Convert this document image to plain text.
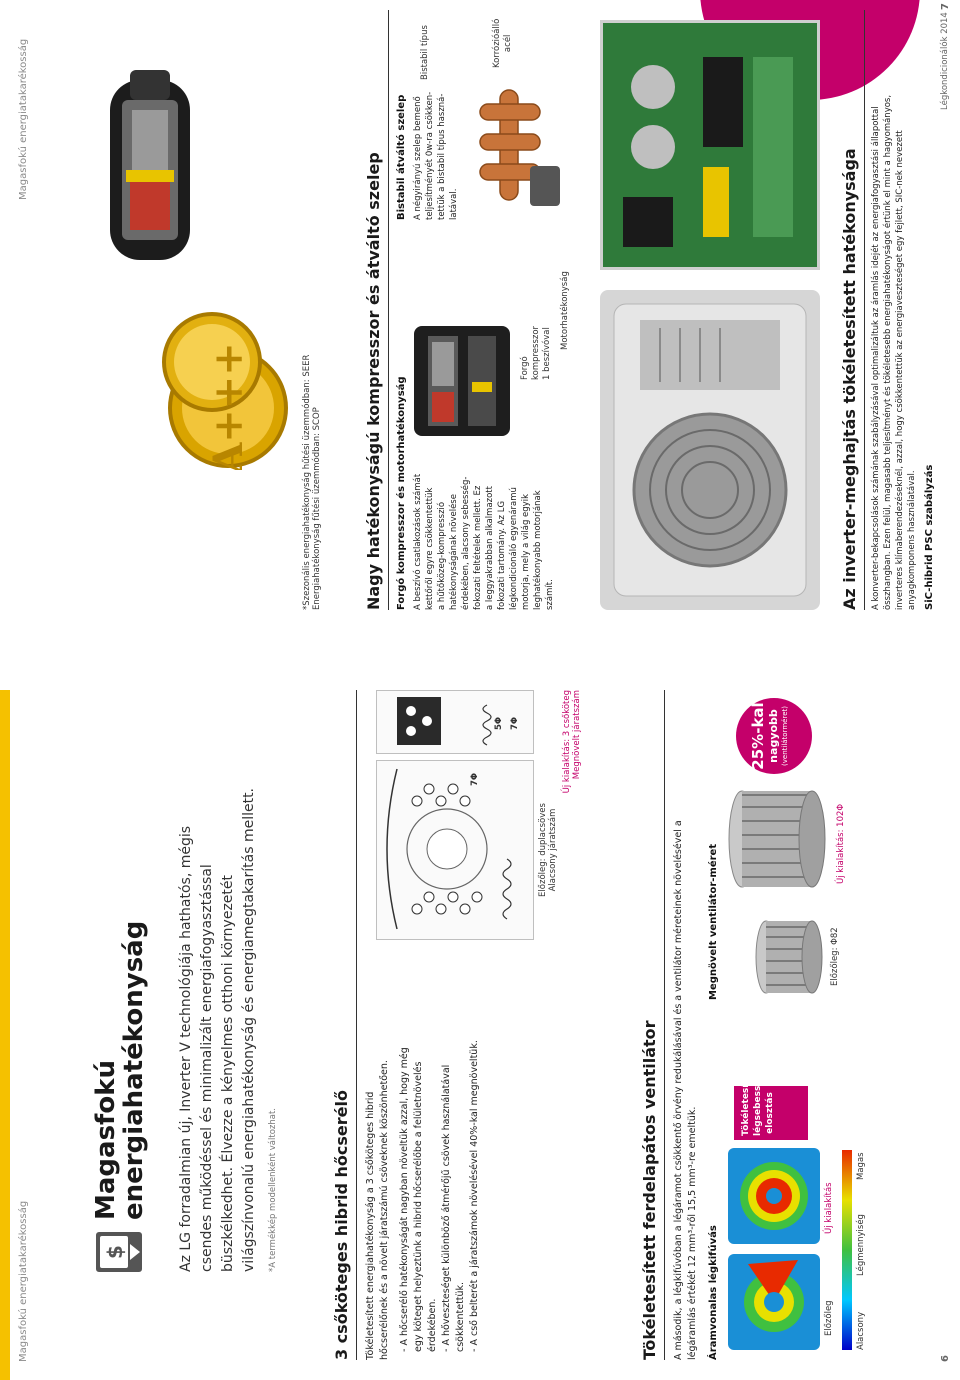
Magasfokú energiatakarékosság	6
$
Magasfokú
energiahatékonyság Az LG forradalmian új, Inverter V technológiája hathatós, mégis csendes működéssel és minimalizált energiafogyasztással büszkélkedhet. Élvezze a kényelmes otthoni környezetét világszínvonalú energiahatékonyság és energiamegtakarítás mellett.	*A termékkép modellenként változhat.	3 csőköteges hibrid hőcserélő Tökéletesített energiahatékonyság a 3 csőköteges hibrid hőcserélőnek és a növelt járatszámú csöveknek köszönhetően. - A hőcserélő hatékonyságát nagyban növeltük azzal, hogy még egy köteget helyeztünk a hibrid hőcserélőbe a felületnövelés érdekében. - A hőveszteséget különböző átmérőjű csövek használatával csökkentettük. - A cső belterét a járatszámok növelésével 40%-kal megnöveltük.
7Φ
5Φ 7Φ
Előzőleg: duplacsöves Alacsony járatszám
Új kialakítás: 3 csőköteg Megnövelt járatszám
Tökéletesített ferdelapátos ventilátor A második, a légkifúvóban a légáramot csökkentő örvény redukálásával és a ventilátor méreteinek növelésével a légáramlás értékét 12 mm³-ről 15,5 mm³-re emeltük. Áramvonalas légkifúvás
Megnövelt ventilátor-méret
Előzőleg
Új kialakítás
Tökéletesített légsebesség-elosztás
Alacsony
Légmennyiség
Magas
Előzőleg: Φ82
Új kialakítás: 102Φ
25%-kal nagyobb (ventilátorméret)
Magasfokú energiatakarékosság
7
Légkondicionálók 2014
A+++	*Szezonális energiahatékonyság hűtési üzemmódban: SEER Energiahatékonyság fűtési üzemmódban: SCOP	Nagy hatékonyságú kompresszor és átváltó szelep Forgó kompresszor és motorhatékonyság A beszívó csatlakozások számát kettőről egyre csökkentettük a hűtőközeg-kompresszió hatékonyságának növelése érdekében, alacsony sebesség- fokozati feltételek mellett. Ez a leggyakrabban alkalmazott fokozati tartomány. Az LG légkondicionáló egyenáramú motorja, mely a világ egyik leghatékonyabb motorjának számít.
Forgó kompresszor 1 beszívóval
Motorhatékonyság
Bistabil átváltó szelep A négyirányú szelep bemenő teljesítményét 0w-ra csökken- tettük a bistabil típus haszná- latával.
Bistabil típus	Korrózióálló acél
Az inverter-meghajtás tökéletesített hatékonysága A konverter-bekapcsolások számának szabályzásával optimalizáltuk az áramlás idejét az energiafogyasztási állapottal összhangban. Ezen felül, magasabb teljesítményt és tökéletesebb energiahatékonyságot értünk el mint a hagyományos, inverteres klímaberendezéseknél, azzal, hogy csökkentettük az energiaveszteséget egy fejlett, SIC-nek nevezett anyagkomponens használatával. SiC-hibrid PSC szabályzás
